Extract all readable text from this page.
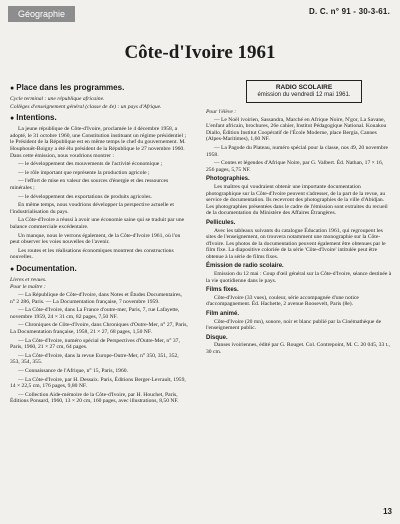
Géographie	D. C. n° 91 - 30-3-61.
Côte-d'Ivoire 1961
● Place dans les programmes.
Cycle terminal : une république africaine.
Collèges d'enseignement général (classe de 4e) : un pays d'Afrique.
● Intentions.

La jeune république de Côte-d'Ivoire, proclamée le 4 décembre 1958, a adopté, le 31 octobre 1960, une Constitution instituant un régime présidentiel ; le Président de la République est en même temps le chef du gouvernement. M. Houphouët-Boigny a été élu président de la République le 27 novembre 1960. Dans cette émission, nous voudrions montrer :

— le développement des mouvements de l'activité économique ;

— le rôle important que représente la production agricole ;

— l'effort de mise en valeur des sources d'énergie et des ressources minérales ;

— le développement des exportations de produits agricoles.

En même temps, nous voudrions développer la perspective actuelle et l'industrialisation du pays.

La Côte-d'Ivoire a réussi à avoir une économie saine qui se traduit par une balance commerciale excédentaire.

Un manque, nous le verrons également, de la Côte-d'Ivoire 1961, où l'on peut observer les voies nouvelles de l'avenir.

Les routes et les réalisations économiques montrent des constructions nouvelles.

● Documentation.
Livres et revues.
Pour le maître :

— La République de Côte-d'Ivoire, dans Notes et Études Documentaires, n° 2 286, Paris. — La Documentation française, 7 novembre 1959.

— La Côte-d'Ivoire, dans La France d'outre-mer, Paris, 7, rue Lafayette, novembre 1959, 24 × 31 cm, 82 pages, 7,50 NF.

— Chroniques de Côte-d'Ivoire, dans Chroniques d'Outre-Mer, n° 27, Paris, La Documentation française, 1958, 21 × 27, 68 pages, 1,50 NF.

— La Côte-d'Ivoire, numéro spécial de Perspectives d'Outre-Mer, n° 37, Paris, 1960, 21 × 27 cm, 64 pages.

— La Côte-d'Ivoire, dans la revue Europe-Outre-Mer, n° 350, 351, 352, 353, 354, 355.

— Connaissance de l'Afrique, n° 15, Paris, 1960.

— La Côte-d'Ivoire, par H. Dessaix. Paris, Éditions Berger-Levrault, 1959, 14 × 22,5 cm, 176 pages, 9,80 NF.

— Collection Aide-mémoire de la Côte-d'Ivoire, par H. Houchet, Paris, Éditions Ponsard, 1960, 13 × 20 cm, 160 pages, avec illustrations, 8,50 NF.

RADIO SCOLAIRE
émission du vendredi 12 mai 1961.
Pour l'élève :

— Le Noël ivoirien, Sassandra, Marché en Afrique Noire, N'gor, La Savane, L'enfant africain, brochures, 26e cahier, Institut Pédagogique National. Kouakou Diallo, Édition Institut Coopératif de l'École Moderne, place Bergia, Cannes (Alpes-Maritimes), 1,60 NF.

— La Pagode du Plateau, numéro spécial pour la classe, nos 49, 20 novembre 1958.

— Contes et légendes d'Afrique Noire, par G. Valbert. Éd. Nathan, 17 × 16, 256 pages, 5,75 NF.

Photographies.

Les maîtres qui voudraient obtenir une importante documentation photographique sur la Côte-d'Ivoire peuvent s'adresser, de la part de la revue, au service de documentation. Ils recevront des photographies de la ville d'Abidjan. Les photographies présentées dans le cadre de l'émission sont extraites du recueil de la documentation du Ministère des Affaires Étrangères.

Pellicules.

Avec les tableaux suivants du catalogue Éducation 1961, qui regroupent les sites de l'enseignement, on trouvera notamment une monographie sur la Côte-d'Ivoire. Les photos de la documentation peuvent également être obtenues par le film fixe. La diapositive coloriée de la série 'Côte-d'Ivoire' intitulée peut être obtenue à la série de films fixes.

Émission de radio scolaire.

Emission du 12 mai : Coup d'œil général sur la Côte-d'Ivoire, séance destinée à la vie quotidienne dans le pays.

Films fixes.

Côte-d'Ivoire (33 vues), couleur, série accompagnée d'une notice d'accompagnement. Éd. Hachette, 2 avenue Roosevelt, Paris (8e).

Film animé.

Côte-d'Ivoire (20 mn), sonore, noir et blanc publié par la Cinémathèque de l'enseignement public.

Disque.

Danses ivoiriennes, édité par G. Rouget. Col. Contrepoint, M. C. 20 045, 33 t., 30 cm.

13
